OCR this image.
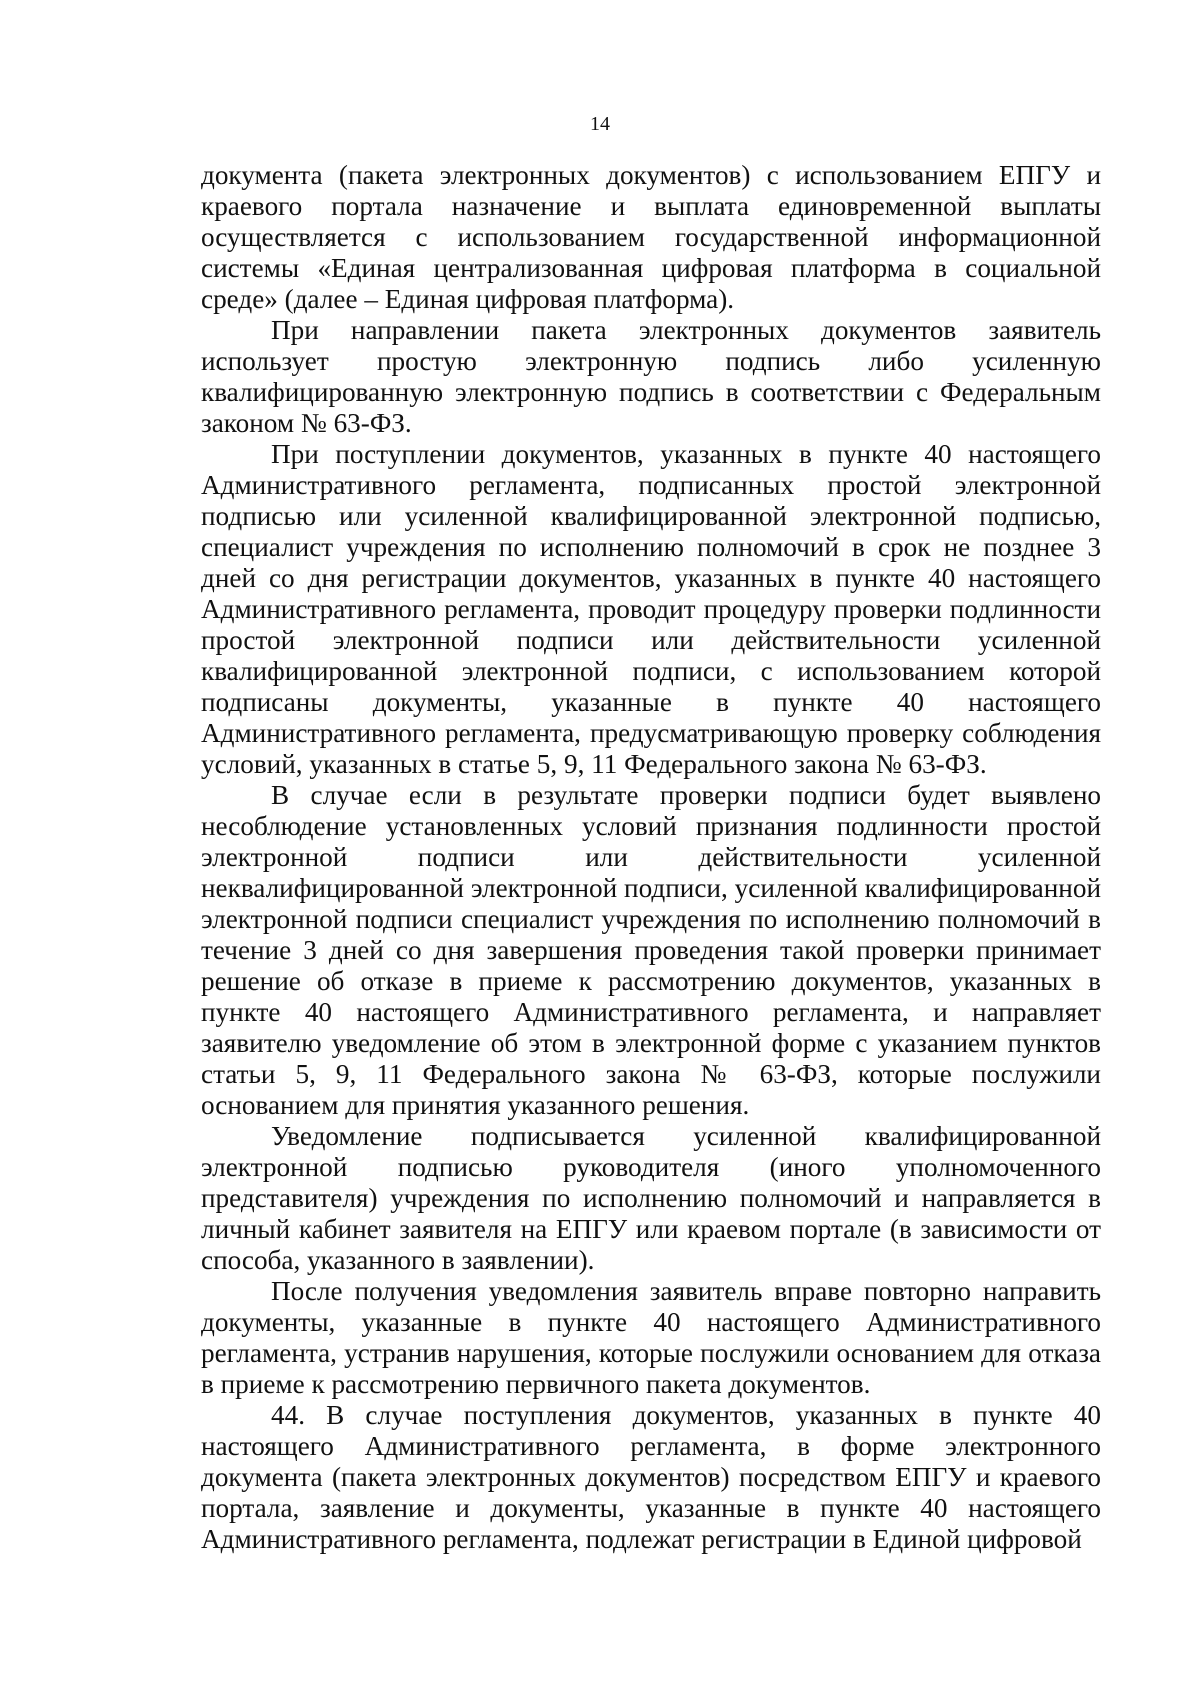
14

документа (пакета электронных документов) с использованием ЕПГУ и краевого портала назначение и выплата единовременной выплаты осуществляется с использованием государственной информационной системы «Единая централизованная цифровая платформа в социальной среде» (далее – Единая цифровая платформа).

При направлении пакета электронных документов заявитель использует простую электронную подпись либо усиленную квалифицированную электронную подпись в соответствии с Федеральным законом № 63-ФЗ.

При поступлении документов, указанных в пункте 40 настоящего Административного регламента, подписанных простой электронной подписью или усиленной квалифицированной электронной подписью, специалист учреждения по исполнению полномочий в срок не позднее 3 дней со дня регистрации документов, указанных в пункте 40 настоящего Административного регламента, проводит процедуру проверки подлинности простой электронной подписи или действительности усиленной квалифицированной электронной подписи, с использованием которой подписаны документы, указанные в пункте 40 настоящего Административного регламента, предусматривающую проверку соблюдения условий, указанных в статье 5, 9, 11 Федерального закона № 63-ФЗ.

В случае если в результате проверки подписи будет выявлено несоблюдение установленных условий признания подлинности простой электронной подписи или действительности усиленной неквалифицированной электронной подписи, усиленной квалифицированной электронной подписи специалист учреждения по исполнению полномочий в течение 3 дней со дня завершения проведения такой проверки принимает решение об отказе в приеме к рассмотрению документов, указанных в пункте 40 настоящего Административного регламента, и направляет заявителю уведомление об этом в электронной форме с указанием пунктов статьи 5, 9, 11 Федерального закона № 63-ФЗ, которые послужили основанием для принятия указанного решения.

Уведомление подписывается усиленной квалифицированной электронной подписью руководителя (иного уполномоченного представителя) учреждения по исполнению полномочий и направляется в личный кабинет заявителя на ЕПГУ или краевом портале (в зависимости от способа, указанного в заявлении).

После получения уведомления заявитель вправе повторно направить документы, указанные в пункте 40 настоящего Административного регламента, устранив нарушения, которые послужили основанием для отказа в приеме к рассмотрению первичного пакета документов.

44. В случае поступления документов, указанных в пункте 40 настоящего Административного регламента, в форме электронного документа (пакета электронных документов) посредством ЕПГУ и краевого портала, заявление и документы, указанные в пункте 40 настоящего Административного регламента, подлежат регистрации в Единой цифровой
